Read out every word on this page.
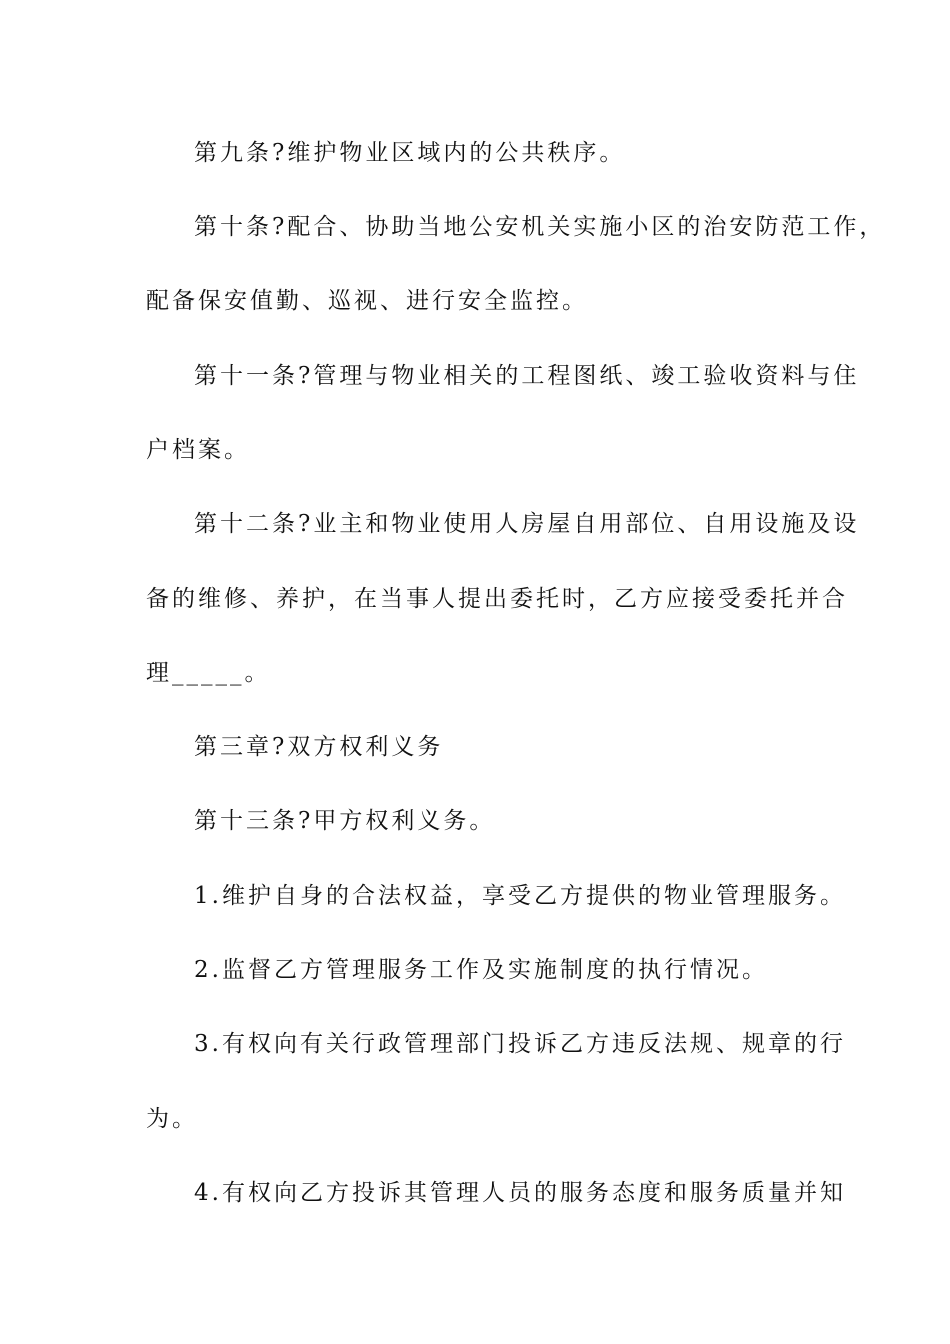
第九条?维护物业区域内的公共秩序。
第十条?配合、协助当地公安机关实施小区的治安防范工作，
配备保安值勤、巡视、进行安全监控。
第十一条?管理与物业相关的工程图纸、竣工验收资料与住
户档案。
第十二条?业主和物业使用人房屋自用部位、自用设施及设
备的维修、养护，在当事人提出委托时，乙方应接受委托并合
理_____。
第三章?双方权利义务
第十三条?甲方权利义务。
1.维护自身的合法权益，享受乙方提供的物业管理服务。
2.监督乙方管理服务工作及实施制度的执行情况。
3.有权向有关行政管理部门投诉乙方违反法规、规章的行
为。
4.有权向乙方投诉其管理人员的服务态度和服务质量并知
